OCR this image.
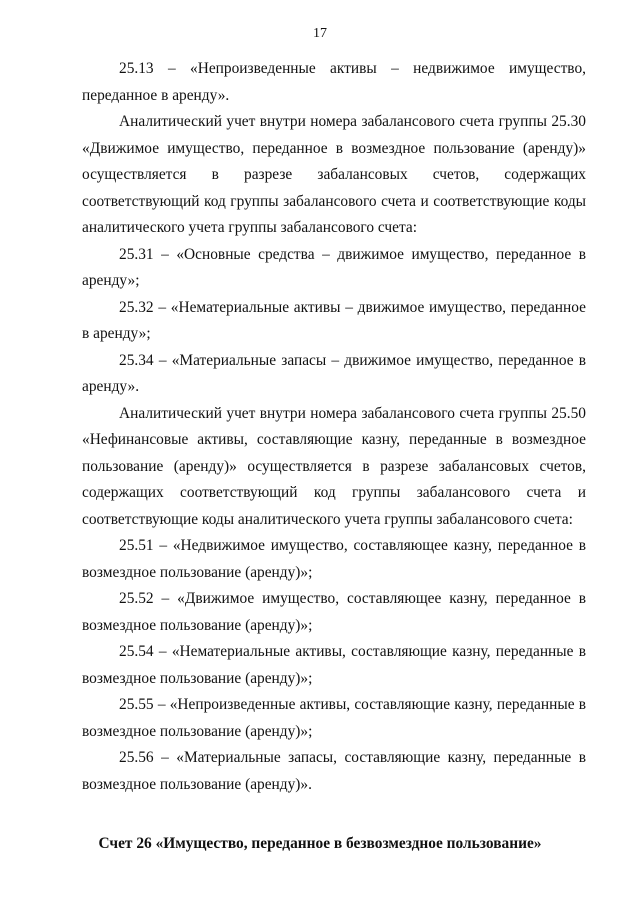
17

25.13 – «Непроизведенные активы – недвижимое имущество, переданное в аренду».

Аналитический учет внутри номера забалансового счета группы 25.30 «Движимое имущество, переданное в возмездное пользование (аренду)» осуществляется в разрезе забалансовых счетов, содержащих соответствующий код группы забалансового счета и соответствующие коды аналитического учета группы забалансового счета:

25.31 – «Основные средства – движимое имущество, переданное в аренду»;

25.32 – «Нематериальные активы – движимое имущество, переданное в аренду»;

25.34 – «Материальные запасы – движимое имущество, переданное в аренду».

Аналитический учет внутри номера забалансового счета группы 25.50 «Нефинансовые активы, составляющие казну, переданные в возмездное пользование (аренду)» осуществляется в разрезе забалансовых счетов, содержащих соответствующий код группы забалансового счета и соответствующие коды аналитического учета группы забалансового счета:

25.51 – «Недвижимое имущество, составляющее казну, переданное в возмездное пользование (аренду)»;

25.52 – «Движимое имущество, составляющее казну, переданное в возмездное пользование (аренду)»;

25.54 – «Нематериальные активы, составляющие казну, переданные в возмездное пользование (аренду)»;

25.55 – «Непроизведенные активы, составляющие казну, переданные в возмездное пользование (аренду)»;

25.56 – «Материальные запасы, составляющие казну, переданные в возмездное пользование (аренду)».

Счет 26 «Имущество, переданное в безвозмездное пользование»
